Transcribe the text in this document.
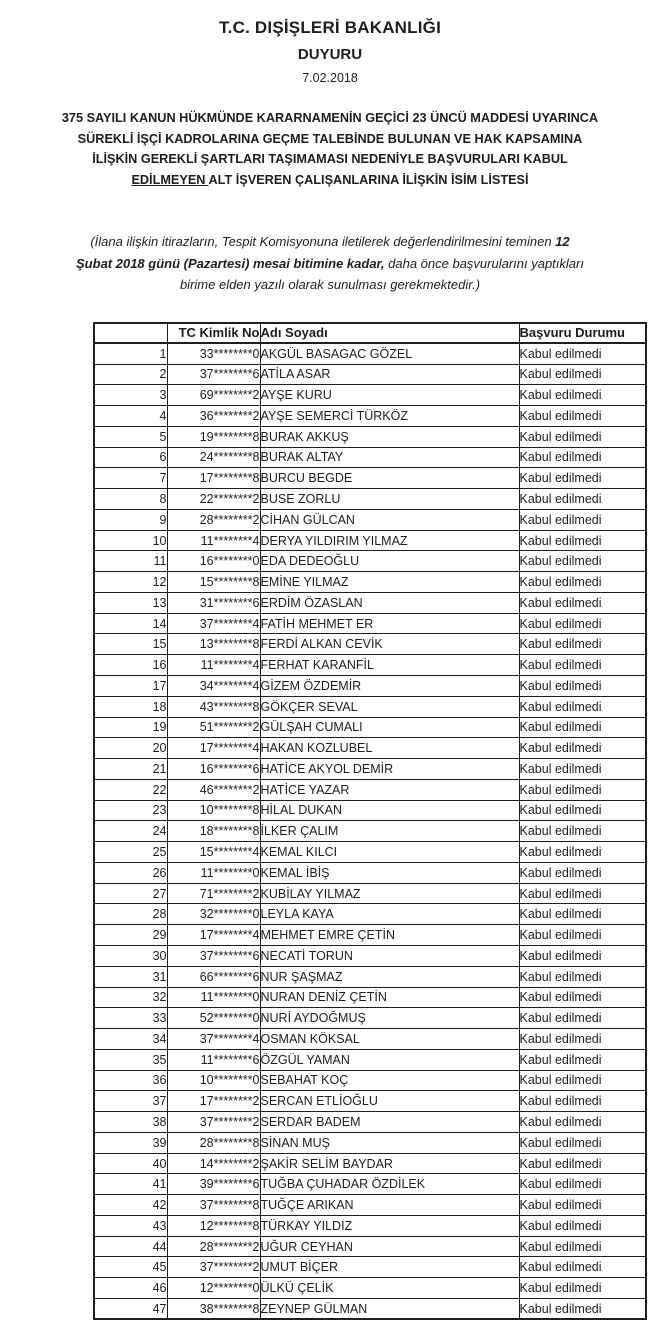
T.C. DIŞİŞLERİ BAKANLIĞI
DUYURU
7.02.2018

375 SAYILI KANUN HÜKMÜNDE KARARNAMENİN GEÇİCİ 23 ÜNCÜ MADDESİ UYARINCA SÜREKLİ İŞÇİ KADROLARINA GEÇME TALEBİNDE BULUNAN VE HAK KAPSAMINA İLİŞKİN GEREKLİ ŞARTLARI TAŞIMAMASI NEDENİYLE BAŞVURULARI KABUL EDİLMEYEN ALT İŞVEREN ÇALIŞANLARINA İLİŞKİN İSİM LİSTESİ

(İlana ilişkin itirazların, Tespit Komisyonuna iletilerek değerlendirilmesini teminen 12 Şubat 2018 günü (Pazartesi) mesai bitimine kadar, daha önce başvurularını yaptıkları birime elden yazılı olarak sunulması gerekmektedir.)

	TC Kimlik No	Adı Soyadı	Başvuru Durumu
1	33********0	AKGÜL BASAGAC GÖZEL	Kabul edilmedi
2	37********6	ATİLA ASAR	Kabul edilmedi
3	69********2	AYŞE KURU	Kabul edilmedi
4	36********2	AYŞE SEMERCİ TÜRKÖZ	Kabul edilmedi
5	19********8	BURAK AKKUŞ	Kabul edilmedi
6	24********8	BURAK ALTAY	Kabul edilmedi
7	17********8	BURCU BEGDE	Kabul edilmedi
8	22********2	BUSE ZORLU	Kabul edilmedi
9	28********2	CİHAN GÜLCAN	Kabul edilmedi
10	11********4	DERYA YILDIRIM YILMAZ	Kabul edilmedi
11	16********0	EDA DEDEOĞLU	Kabul edilmedi
12	15********8	EMİNE YILMAZ	Kabul edilmedi
13	31********6	ERDİM ÖZASLAN	Kabul edilmedi
14	37********4	FATİH MEHMET ER	Kabul edilmedi
15	13********8	FERDİ ALKAN CEVİK	Kabul edilmedi
16	11********4	FERHAT KARANFİL	Kabul edilmedi
17	34********4	GİZEM ÖZDEMİR	Kabul edilmedi
18	43********8	GÖKÇER SEVAL	Kabul edilmedi
19	51********2	GÜLŞAH CUMALI	Kabul edilmedi
20	17********4	HAKAN KOZLUBEL	Kabul edilmedi
21	16********6	HATİCE AKYOL DEMİR	Kabul edilmedi
22	46********2	HATİCE YAZAR	Kabul edilmedi
23	10********8	HİLAL DUKAN	Kabul edilmedi
24	18********8	İLKER ÇALIM	Kabul edilmedi
25	15********4	KEMAL KILCI	Kabul edilmedi
26	11********0	KEMAL İBİŞ	Kabul edilmedi
27	71********2	KUBİLAY YILMAZ	Kabul edilmedi
28	32********0	LEYLA KAYA	Kabul edilmedi
29	17********4	MEHMET EMRE ÇETİN	Kabul edilmedi
30	37********6	NECATİ TORUN	Kabul edilmedi
31	66********6	NUR ŞAŞMAZ	Kabul edilmedi
32	11********0	NURAN DENİZ ÇETİN	Kabul edilmedi
33	52********0	NURİ AYDOĞMUŞ	Kabul edilmedi
34	37********4	OSMAN KÖKSAL	Kabul edilmedi
35	11********6	ÖZGÜL YAMAN	Kabul edilmedi
36	10********0	SEBAHAT KOÇ	Kabul edilmedi
37	17********2	SERCAN ETLİOĞLU	Kabul edilmedi
38	37********2	SERDAR BADEM	Kabul edilmedi
39	28********8	SİNAN MUŞ	Kabul edilmedi
40	14********2	ŞAKİR SELİM BAYDAR	Kabul edilmedi
41	39********6	TUĞBA ÇUHADAR ÖZDİLEK	Kabul edilmedi
42	37********8	TUĞÇE ARIKAN	Kabul edilmedi
43	12********8	TÜRKAY YILDIZ	Kabul edilmedi
44	28********2	UĞUR CEYHAN	Kabul edilmedi
45	37********2	UMUT BİÇER	Kabul edilmedi
46	12********0	ÜLKÜ ÇELİK	Kabul edilmedi
47	38********8	ZEYNEP GÜLMAN	Kabul edilmedi
